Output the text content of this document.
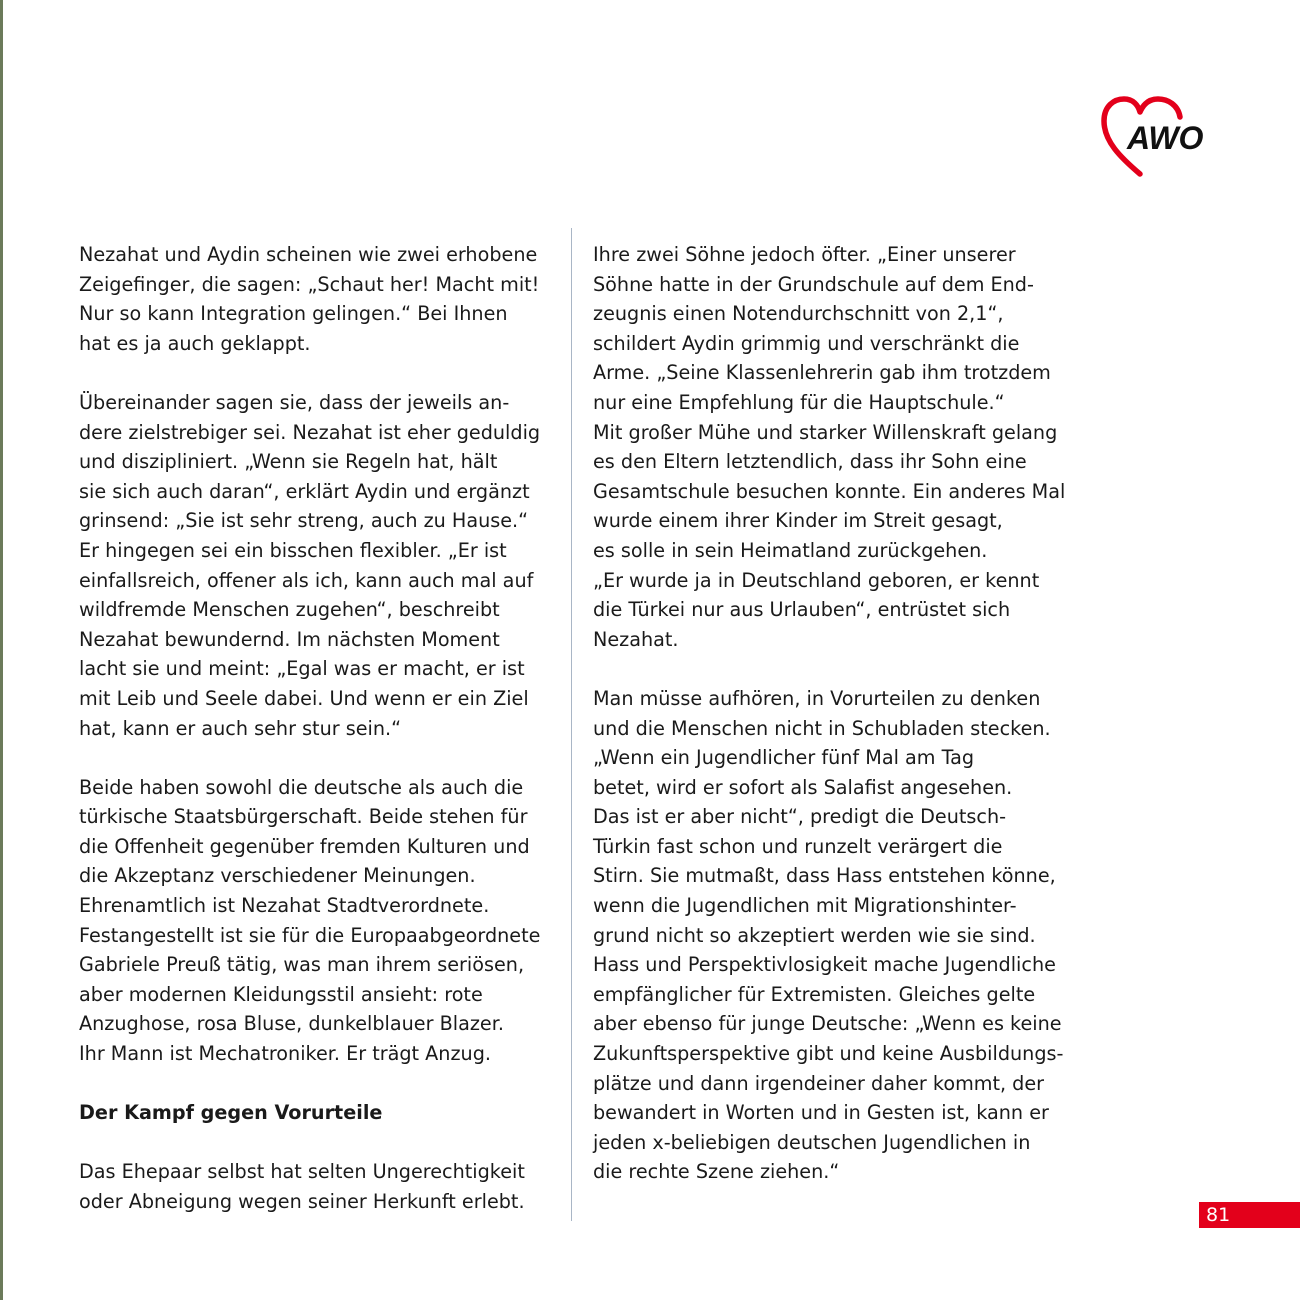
AWO
Nezahat und Aydin scheinen wie zwei erhobene
Zeigefinger, die sagen: „Schaut her! Macht mit!
Nur so kann Integration gelingen.“ Bei Ihnen
hat es ja auch geklappt.
Übereinander sagen sie, dass der jeweils an-
dere zielstrebiger sei. Nezahat ist eher geduldig
und diszipliniert. „Wenn sie Regeln hat, hält
sie sich auch daran“, erklärt Aydin und ergänzt
grinsend: „Sie ist sehr streng, auch zu Hause.“
Er hingegen sei ein bisschen flexibler. „Er ist
einfallsreich, offener als ich, kann auch mal auf
wildfremde Menschen zugehen“, beschreibt
Nezahat bewundernd. Im nächsten Moment
lacht sie und meint: „Egal was er macht, er ist
mit Leib und Seele dabei. Und wenn er ein Ziel
hat, kann er auch sehr stur sein.“
Beide haben sowohl die deutsche als auch die
türkische Staatsbürgerschaft. Beide stehen für
die Offenheit gegenüber fremden Kulturen und
die Akzeptanz verschiedener Meinungen.
Ehrenamtlich ist Nezahat Stadtverordnete.
Festangestellt ist sie für die Europaabgeordnete
Gabriele Preuß tätig, was man ihrem seriösen,
aber modernen Kleidungsstil ansieht: rote
Anzughose, rosa Bluse, dunkelblauer Blazer.
Ihr Mann ist Mechatroniker. Er trägt Anzug.
Der Kampf gegen Vorurteile
Das Ehepaar selbst hat selten Ungerechtigkeit
oder Abneigung wegen seiner Herkunft erlebt.
Ihre zwei Söhne jedoch öfter. „Einer unserer
Söhne hatte in der Grundschule auf dem End-
zeugnis einen Notendurchschnitt von 2,1“,
schildert Aydin grimmig und verschränkt die
Arme. „Seine Klassenlehrerin gab ihm trotzdem
nur eine Empfehlung für die Hauptschule.“
Mit großer Mühe und starker Willenskraft gelang
es den Eltern letztendlich, dass ihr Sohn eine
Gesamtschule besuchen konnte. Ein anderes Mal
wurde einem ihrer Kinder im Streit gesagt,
es solle in sein Heimatland zurückgehen.
„Er wurde ja in Deutschland geboren, er kennt
die Türkei nur aus Urlauben“, entrüstet sich
Nezahat.
Man müsse aufhören, in Vorurteilen zu denken
und die Menschen nicht in Schubladen stecken.
„Wenn ein Jugendlicher fünf Mal am Tag
betet, wird er sofort als Salafist angesehen.
Das ist er aber nicht“, predigt die Deutsch-
Türkin fast schon und runzelt verärgert die
Stirn. Sie mutmaßt, dass Hass entstehen könne,
wenn die Jugendlichen mit Migrationshinter-
grund nicht so akzeptiert werden wie sie sind.
Hass und Perspektivlosigkeit mache Jugendliche
empfänglicher für Extremisten. Gleiches gelte
aber ebenso für junge Deutsche: „Wenn es keine
Zukunftsperspektive gibt und keine Ausbildungs-
plätze und dann irgendeiner daher kommt, der
bewandert in Worten und in Gesten ist, kann er
jeden x-beliebigen deutschen Jugendlichen in
die rechte Szene ziehen.“
81
